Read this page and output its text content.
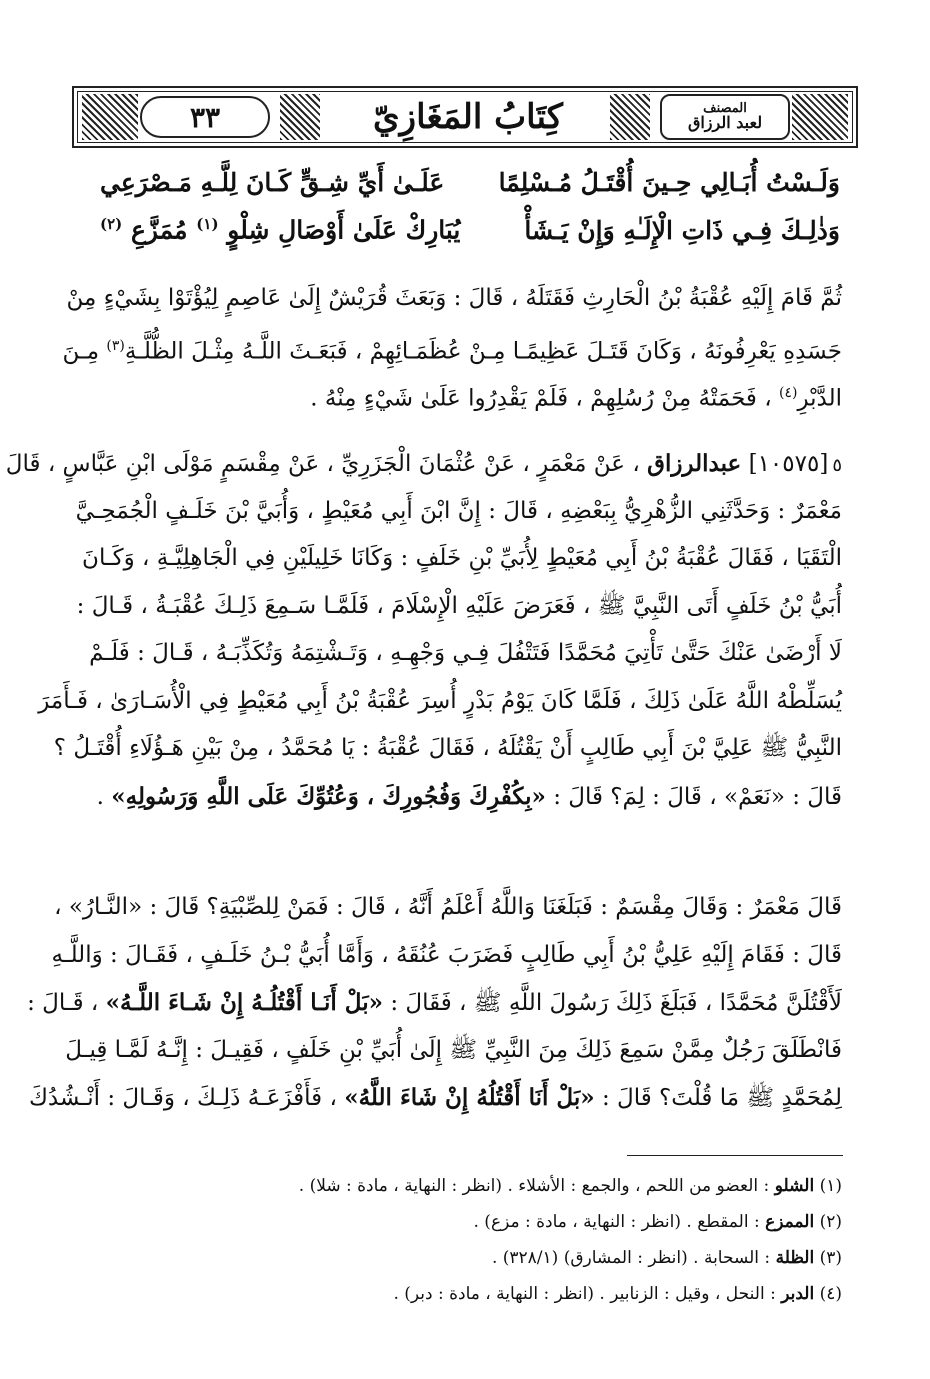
٣٣	كِتَابُ المَغَازِيّ	المصنف
لعبد الرزاق
وَلَـسْتُ أُبَـالِي حِـينَ أُقْتَـلُ مُـسْلِمًا
عَلَـىٰ أَيِّ شِـقٍّ كَـانَ لِلَّـهِ مَـصْرَعِي
وَذٰلِـكَ فِـي ذَاتِ الْإِلَـٰهِ وَإِنْ يَـشَأْ
يُبَارِكْ عَلَىٰ أَوْصَالِ شِلْوٍ $^{(١)}$ مُمَزَّعِ $^{(٢)}$
ثُمَّ قَامَ إِلَيْهِ عُقْبَةُ بْنُ الْحَارِثِ فَقَتَلَهُ ، قَالَ : وَبَعَثَ قُرَيْشٌ إِلَىٰ عَاصِمٍ لِيُؤْتَوْا بِشَيْءٍ مِنْ
جَسَدِهِ يَعْرِفُونَهُ ، وَكَانَ قَتَـلَ عَظِيمًـا مِـنْ عُظَمَـائِهِمْ ، فَبَعَـثَ اللَّـهُ مِثْـلَ الظُّلَّـةِ$^{(٣)}$ مِـنَ
الدَّبْرِ$^{(٤)}$ ، فَحَمَتْهُ مِنْ رُسُلِهِمْ ، فَلَمْ يَقْدِرُوا عَلَىٰ شَيْءٍ مِنْهُ .
٥[١٠٥٧٥] عبدالرزاق ، عَنْ مَعْمَرٍ ، عَنْ عُثْمَانَ الْجَزَرِيِّ ، عَنْ مِقْسَمٍ مَوْلَى ابْنِ عَبَّاسٍ ، قَالَ
مَعْمَرٌ : وَحَدَّثَنِي الزُّهْرِيُّ بِبَعْضِهِ ، قَالَ : إِنَّ ابْنَ أَبِي مُعَيْطٍ ، وَأُبَيَّ بْنَ خَلَـفٍ الْجُمَحِـيَّ
الْتَقَيَا ، فَقَالَ عُقْبَةُ بْنُ أَبِي مُعَيْطٍ لِأُبَيِّ بْنِ خَلَفٍ : وَكَانَا خَلِيلَيْنِ فِي الْجَاهِلِيَّـةِ ، وَكَـانَ
أُبَيُّ بْنُ خَلَفٍ أَتَى النَّبِيَّ ﷺ ، فَعَرَضَ عَلَيْهِ الْإِسْلَامَ ، فَلَمَّـا سَـمِعَ ذَلِـكَ عُقْبَـةُ ، قَـالَ :
لَا أَرْضَىٰ عَنْكَ حَتَّىٰ تَأْتِيَ مُحَمَّدًا فَتَتْفُلَ فِـي وَجْهِـهِ ، وَتَـشْتِمَهُ وَتُكَذِّبَـهُ ، قَـالَ : فَلَـمْ
يُسَلِّطْهُ اللَّهُ عَلَىٰ ذَلِكَ ، فَلَمَّا كَانَ يَوْمُ بَدْرٍ أُسِرَ عُقْبَةُ بْنُ أَبِي مُعَيْطٍ فِي الْأُسَـارَىٰ ، فَـأَمَرَ
النَّبِيُّ ﷺ عَلِيَّ بْنَ أَبِي طَالِبٍ أَنْ يَقْتُلَهُ ، فَقَالَ عُقْبَةُ : يَا مُحَمَّدُ ، مِنْ بَيْنِ هَـؤُلَاءِ أُقْتَـلُ ؟
قَالَ : «نَعَمْ» ، قَالَ : لِمَ؟ قَالَ : «بِكُفْرِكَ وَفُجُورِكَ ، وَعُتُوِّكَ عَلَى اللَّهِ وَرَسُولِهِ» .
قَالَ مَعْمَرٌ : وَقَالَ مِقْسَمٌ : فَبَلَغَنَا وَاللَّهُ أَعْلَمُ أَنَّهُ ، قَالَ : فَمَنْ لِلصِّبْيَةِ؟ قَالَ : «النَّـارُ» ،
قَالَ : فَقَامَ إِلَيْهِ عَلِيُّ بْنُ أَبِي طَالِبٍ فَضَرَبَ عُنُقَهُ ، وَأَمَّا أُبَيُّ بْـنُ خَلَـفٍ ، فَقَـالَ : وَاللَّـهِ
لَأَقْتُلَنَّ مُحَمَّدًا ، فَبَلَغَ ذَلِكَ رَسُولَ اللَّهِ ﷺ ، فَقَالَ : «بَلْ أَنَـا أَقْتُلُـهُ إِنْ شَـاءَ اللَّـهُ» ، قَـالَ :
فَانْطَلَقَ رَجُلٌ مِمَّنْ سَمِعَ ذَلِكَ مِنَ النَّبِيِّ ﷺ إِلَىٰ أُبَيِّ بْنِ خَلَفٍ ، فَقِيـلَ : إِنَّـهُ لَمَّـا قِيـلَ
لِمُحَمَّدٍ ﷺ مَا قُلْتَ؟ قَالَ : «بَلْ أَنَا أَقْتُلُهُ إِنْ شَاءَ اللَّهُ» ، فَأَفْزَعَـهُ ذَلِـكَ ، وَقَـالَ : أَنْـشُدُكَ
(١) الشلو : العضو من اللحم ، والجمع : الأشلاء . (انظر : النهاية ، مادة : شلا) .
(٢) الممزع : المقطع . (انظر : النهاية ، مادة : مزع) .
(٣) الظلة : السحابة . (انظر : المشارق) (٣٢٨/١) .
(٤) الدبر : النحل ، وقيل : الزنابير . (انظر : النهاية ، مادة : دبر) .
